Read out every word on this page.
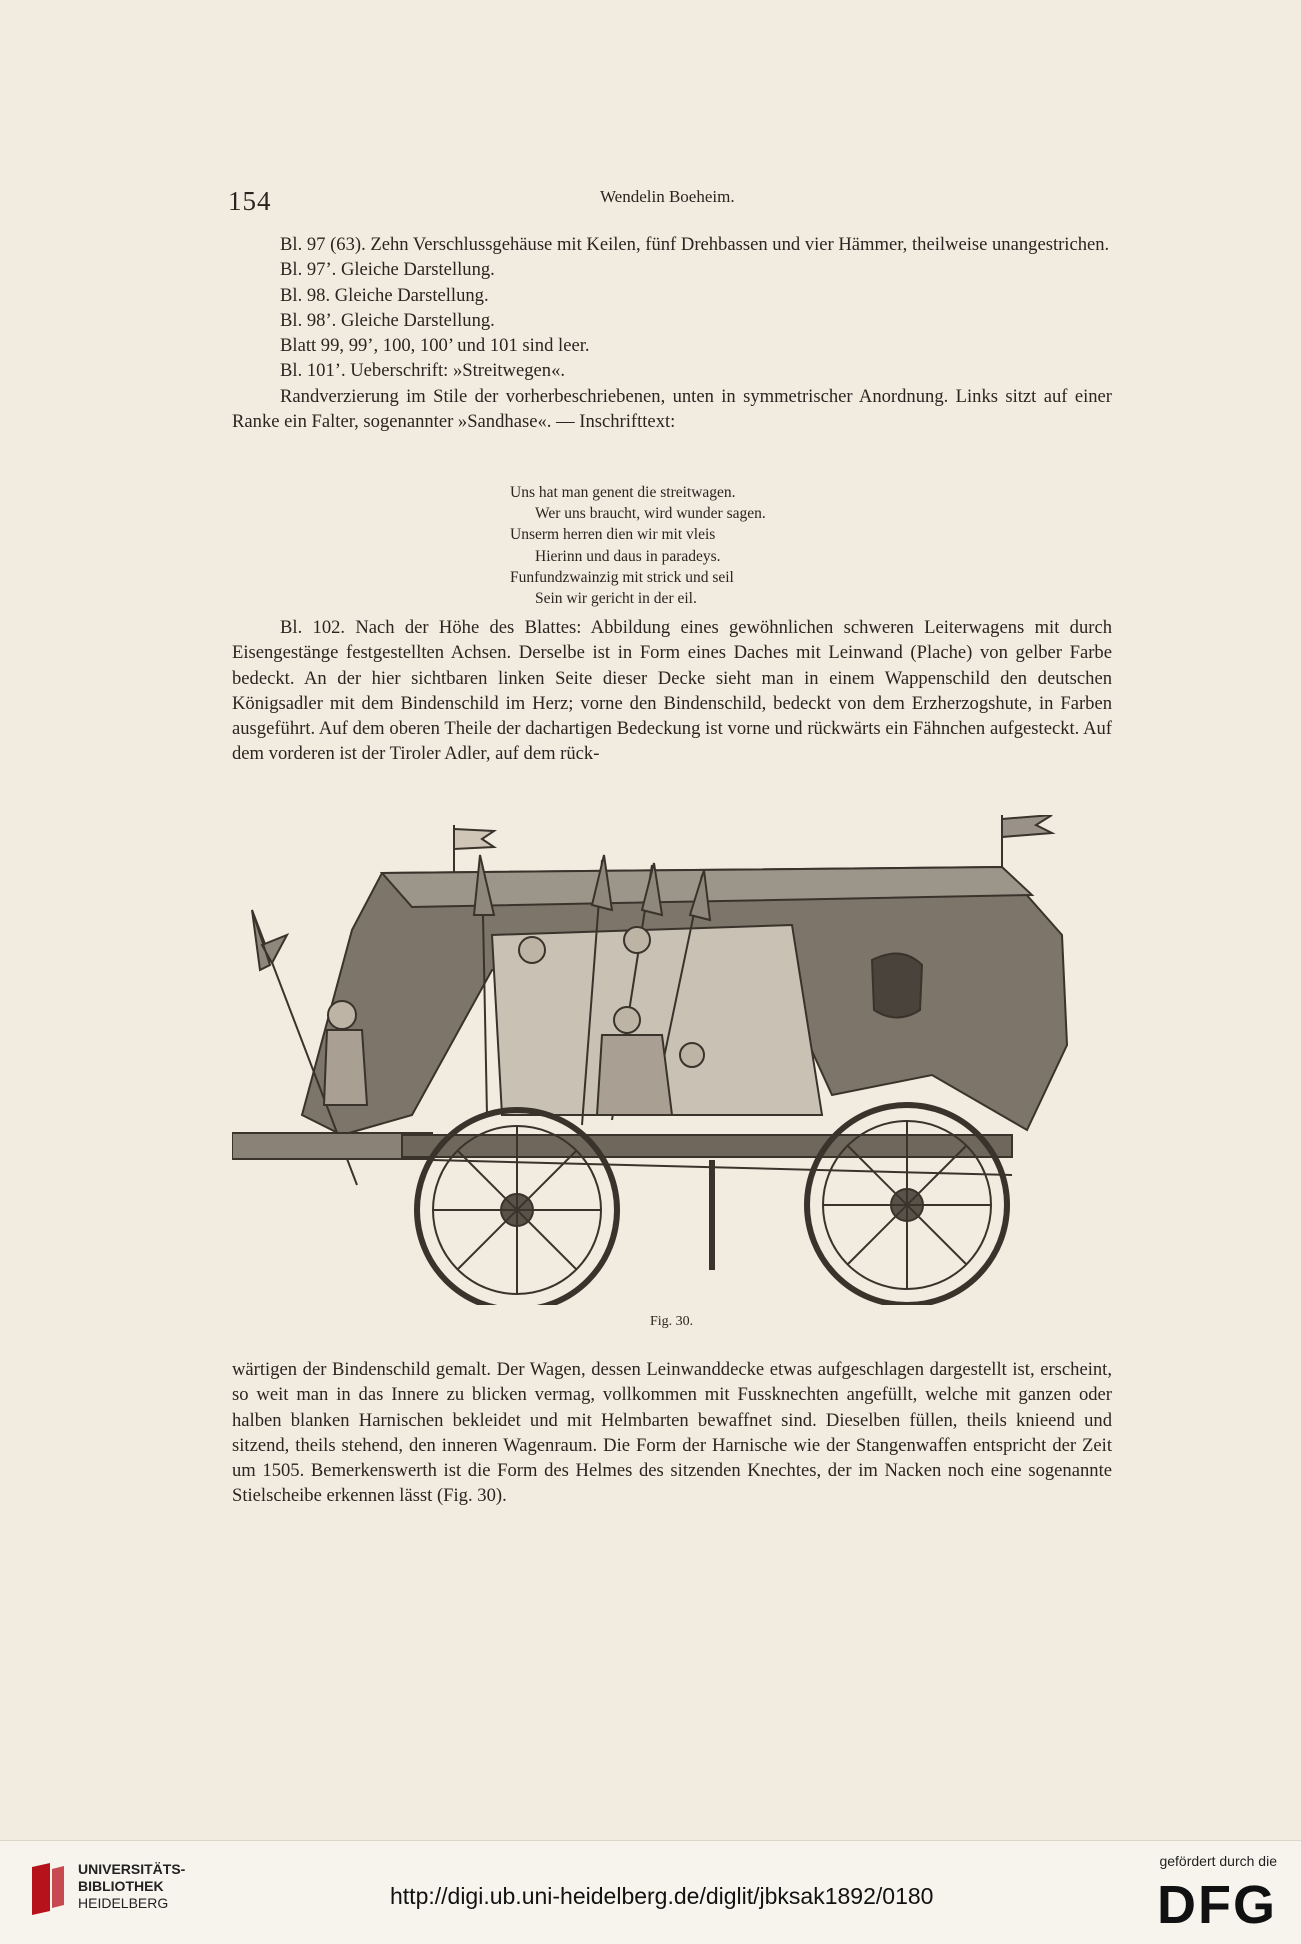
154	Wendelin Boeheim.

Bl. 97 (63). Zehn Verschlussgehäuse mit Keilen, fünf Drehbassen und vier Hämmer, theilweise unangestrichen.

Bl. 97’. Gleiche Darstellung.

Bl. 98. Gleiche Darstellung.

Bl. 98’. Gleiche Darstellung.

Blatt 99, 99’, 100, 100’ und 101 sind leer.

Bl. 101’. Ueberschrift: »Streitwegen«.

Randverzierung im Stile der vorherbeschriebenen, unten in symmetrischer Anordnung. Links sitzt auf einer Ranke ein Falter, sogenannter »Sandhase«. — Inschrifttext:

Uns hat man genent die streitwagen.
Wer uns braucht, wird wunder sagen.
Unserm herren dien wir mit vleis
Hierinn und daus in paradeys.
Funfundzwainzig mit strick und seil
Sein wir gericht in der eil.

Bl. 102. Nach der Höhe des Blattes: Abbildung eines gewöhnlichen schweren Leiterwagens mit durch Eisengestänge festgestellten Achsen. Derselbe ist in Form eines Daches mit Leinwand (Plache) von gelber Farbe bedeckt. An der hier sichtbaren linken Seite dieser Decke sieht man in einem Wappenschild den deutschen Königsadler mit dem Bindenschild im Herz; vorne den Bindenschild, bedeckt von dem Erzherzogshute, in Farben ausgeführt. Auf dem oberen Theile der dachartigen Bedeckung ist vorne und rückwärts ein Fähnchen aufgesteckt. Auf dem vorderen ist der Tiroler Adler, auf dem rück-

Fig. 30.

wärtigen der Bindenschild gemalt. Der Wagen, dessen Leinwanddecke etwas aufgeschlagen dargestellt ist, erscheint, so weit man in das Innere zu blicken vermag, vollkommen mit Fussknechten angefüllt, welche mit ganzen oder halben blanken Harnischen bekleidet und mit Helmbarten bewaffnet sind. Dieselben füllen, theils knieend und sitzend, theils stehend, den inneren Wagenraum. Die Form der Harnische wie der Stangenwaffen entspricht der Zeit um 1505. Bemerkenswerth ist die Form des Helmes des sitzenden Knechtes, der im Nacken noch eine sogenannte Stielscheibe erkennen lässt (Fig. 30).

UNIVERSITÄTS-
BIBLIOTHEK
HEIDELBERG	http://digi.ub.uni-heidelberg.de/diglit/jbksak1892/0180
gefördert durch die
DFG
